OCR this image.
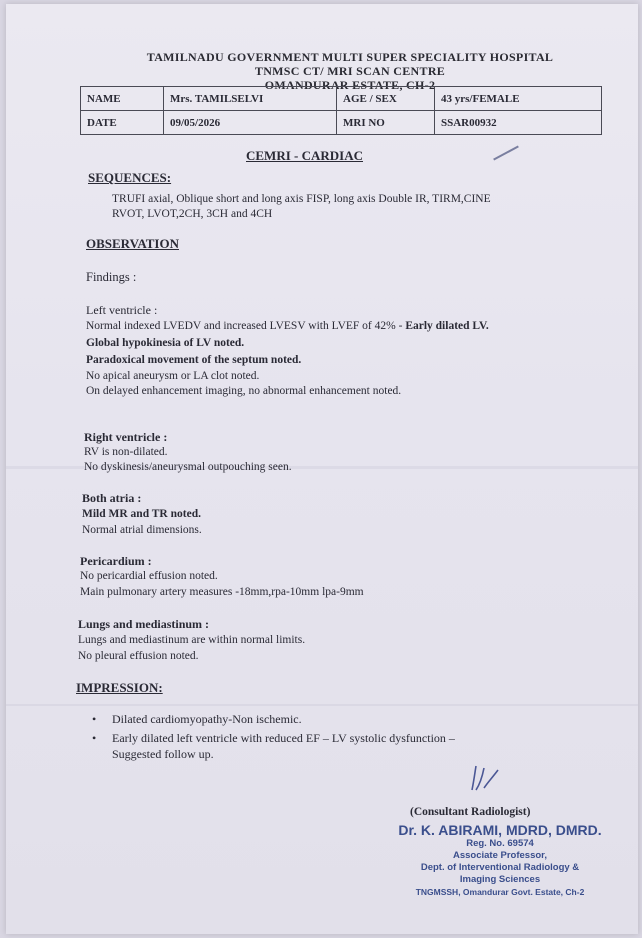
TAMILNADU GOVERNMENT MULTI SUPER SPECIALITY HOSPITAL
TNMSC CT/ MRI SCAN CENTRE
OMANDURAR ESTATE, CH-2
NAME	Mrs. TAMILSELVI	AGE / SEX	43 yrs/FEMALE
DATE	09/05/2026	MRI NO	SSAR00932
CEMRI - CARDIAC
SEQUENCES:
TRUFI axial, Oblique short and long axis FISP, long axis Double IR, TIRM,CINE
RVOT, LVOT,2CH, 3CH and 4CH
OBSERVATION
Findings :
Left ventricle :
Normal indexed LVEDV and increased LVESV with LVEF of 42% - Early dilated LV.
Global hypokinesia of LV noted.
Paradoxical movement of the septum noted.
No apical aneurysm or LA clot noted.
On delayed enhancement imaging, no abnormal enhancement noted.
Right ventricle :
RV is non-dilated.
No dyskinesis/aneurysmal outpouching seen.
Both atria :
Mild MR and TR noted.
Normal atrial dimensions.
Pericardium :
No pericardial effusion noted.
Main pulmonary artery measures -18mm,rpa-10mm lpa-9mm
Lungs and mediastinum :
Lungs and mediastinum are within normal limits.
No pleural effusion noted.
IMPRESSION:
• Dilated cardiomyopathy-Non ischemic.
• Early dilated left ventricle with reduced EF – LV systolic dysfunction –
Suggested follow up.
(Consultant Radiologist)
Dr. K. ABIRAMI, MDRD, DMRD.
Reg. No. 69574
Associate Professor,
Dept. of Interventional Radiology &
Imaging Sciences
TNGMSSH, Omandurar Govt. Estate, Ch-2
